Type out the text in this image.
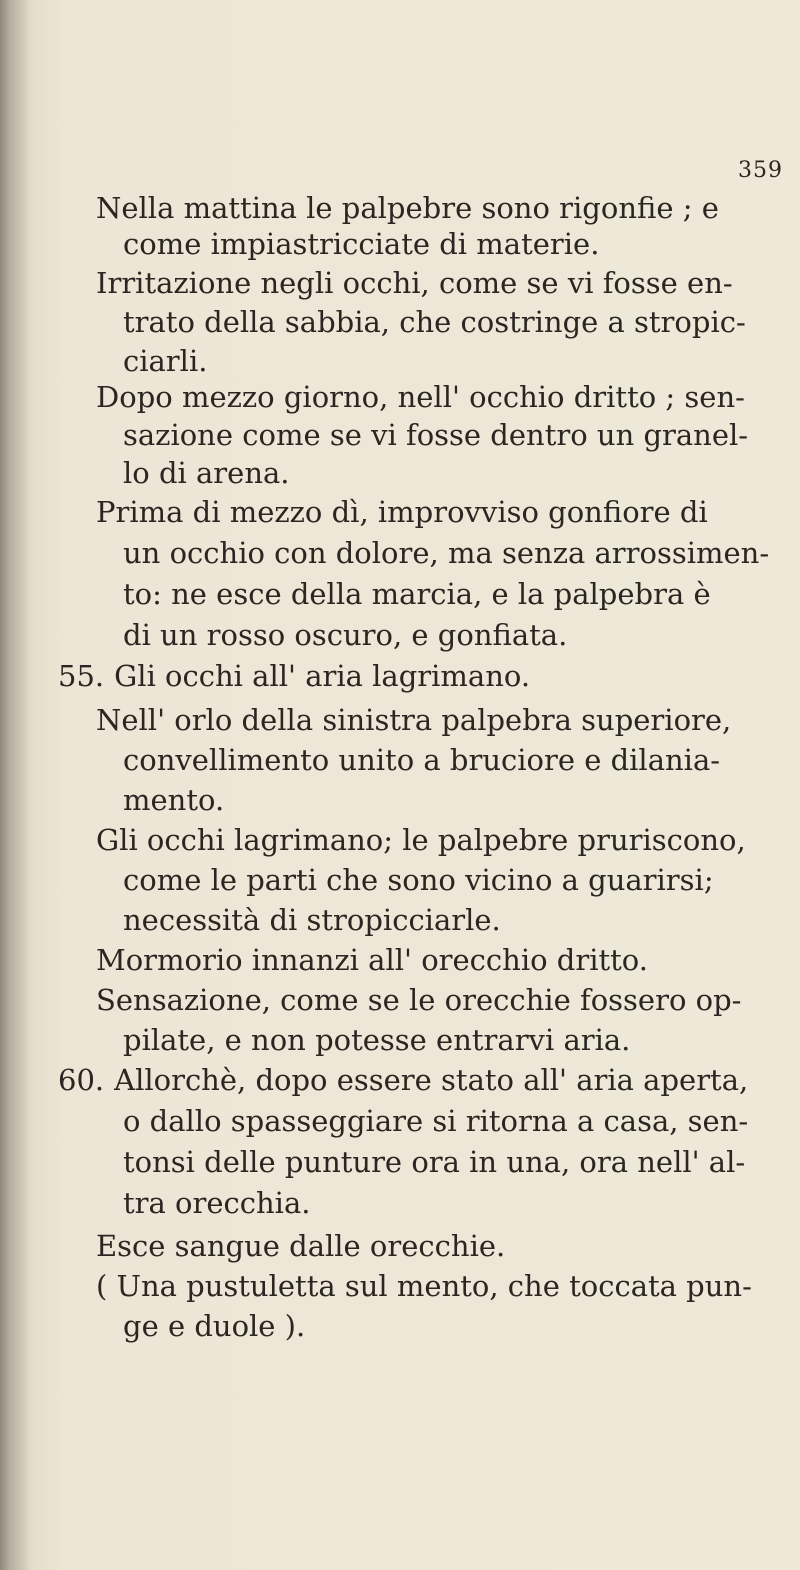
359
Nella mattina le palpebre sono rigonfie ; e
come impiastricciate di materie.
Irritazione negli occhi, come se vi fosse en-
trato della sabbia, che costringe a stropic-
ciarli.
Dopo mezzo giorno, nell' occhio dritto ; sen-
sazione come se vi fosse dentro un granel-
lo di arena.
Prima di mezzo dì, improvviso gonfiore di
un occhio con dolore, ma senza arrossimen-
to: ne esce della marcia, e la palpebra è
di un rosso oscuro, e gonfiata.
55. Gli occhi all' aria lagrimano.
Nell' orlo della sinistra palpebra superiore,
convellimento unito a bruciore e dilania-
mento.
Gli occhi lagrimano; le palpebre pruriscono,
come le parti che sono vicino a guarirsi;
necessità di stropicciarle.
Mormorio innanzi all' orecchio dritto.
Sensazione, come se le orecchie fossero op-
pilate, e non potesse entrarvi aria.
60. Allorchè, dopo essere stato all' aria aperta,
o dallo spasseggiare si ritorna a casa, sen-
tonsi delle punture ora in una, ora nell' al-
tra orecchia.
Esce sangue dalle orecchie.
( Una pustuletta sul mento, che toccata pun-
ge e duole ).
